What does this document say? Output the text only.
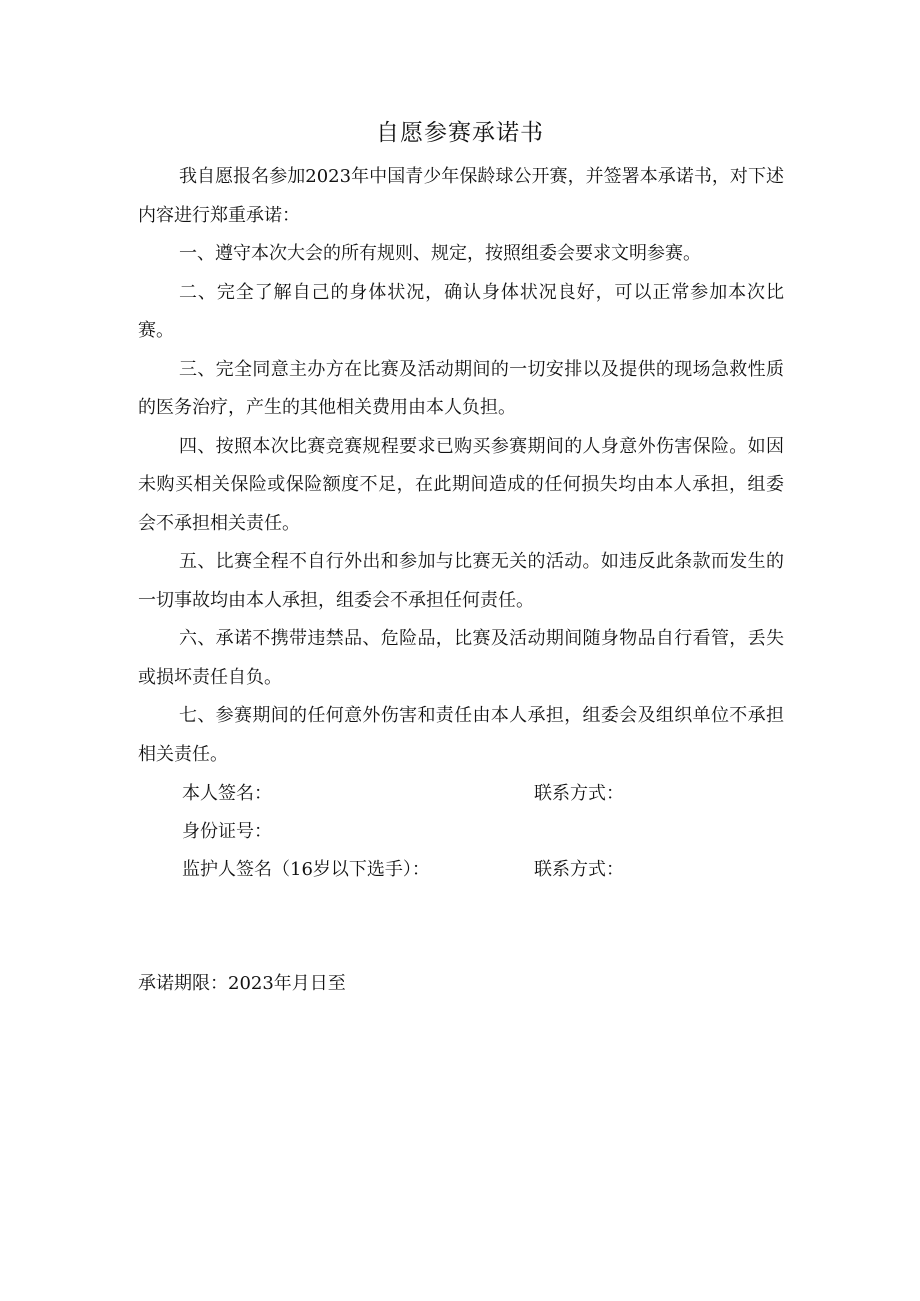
自愿参赛承诺书

我自愿报名参加2023年中国青少年保龄球公开赛，并签署本承诺书，对下述内容进行郑重承诺：

一、遵守本次大会的所有规则、规定，按照组委会要求文明参赛。

二、完全了解自己的身体状况，确认身体状况良好，可以正常参加本次比赛。

三、完全同意主办方在比赛及活动期间的一切安排以及提供的现场急救性质的医务治疗，产生的其他相关费用由本人负担。

四、按照本次比赛竞赛规程要求已购买参赛期间的人身意外伤害保险。如因未购买相关保险或保险额度不足，在此期间造成的任何损失均由本人承担，组委会不承担相关责任。

五、比赛全程不自行外出和参加与比赛无关的活动。如违反此条款而发生的一切事故均由本人承担，组委会不承担任何责任。

六、承诺不携带违禁品、危险品，比赛及活动期间随身物品自行看管，丢失或损坏责任自负。

七、参赛期间的任何意外伤害和责任由本人承担，组委会及组织单位不承担相关责任。

本人签名：	联系方式：
身份证号：
监护人签名（16岁以下选手）：	联系方式：
承诺期限：2023年月日至
